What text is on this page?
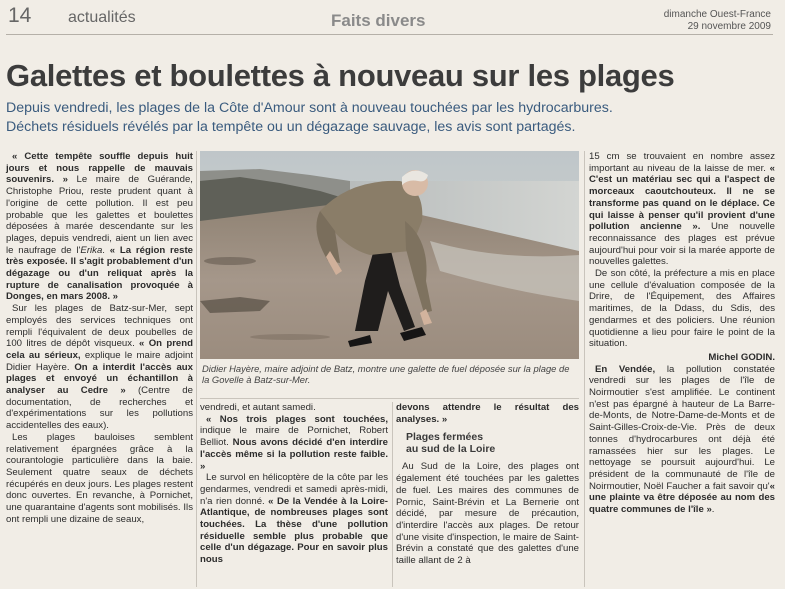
14 actualités	Faits divers	dimanche Ouest-France
29 novembre 2009
Galettes et boulettes à nouveau sur les plages
Depuis vendredi, les plages de la Côte d'Amour sont à nouveau touchées par les hydrocarbures.
Déchets résiduels révélés par la tempête ou un dégazage sauvage, les avis sont partagés.

« Cette tempête souffle depuis huit jours et nous rappelle de mauvais souvenirs. » Le maire de Guérande, Christophe Priou, reste prudent quant à l'origine de cette pollution. Il est peu probable que les galettes et boulettes déposées à marée descendante sur les plages, depuis vendredi, aient un lien avec le naufrage de l'Erika. « La région reste très exposée. Il s'agit probablement d'un dégazage ou d'un reliquat après la rupture de canalisation provoquée à Donges, en mars 2008. »

Sur les plages de Batz-sur-Mer, sept employés des services techniques ont rempli l'équivalent de deux poubelles de 100 litres de dépôt visqueux. « On prend cela au sérieux, explique le maire adjoint Didier Hayère. On a interdit l'accès aux plages et envoyé un échantillon à analyser au Cedre » (Centre de documentation, de recherches et d'expérimentations sur les pollutions accidentelles des eaux).

Les plages bauloises semblent relativement épargnées grâce à la courantologie particulière dans la baie. Seulement quatre seaux de déchets récupérés en deux jours. Les plages restent donc ouvertes. En revanche, à Pornichet, une quarantaine d'agents sont mobilisés. Ils ont rempli une dizaine de seaux,

Didier Hayère, maire adjoint de Batz, montre une galette de fuel déposée sur la plage de la Govelle à Batz-sur-Mer.

vendredi, et autant samedi.

« Nos trois plages sont touchées, indique le maire de Pornichet, Robert Belliot. Nous avons décidé d'en interdire l'accès même si la pollution reste faible. »

Le survol en hélicoptère de la côte par les gendarmes, vendredi et samedi après-midi, n'a rien donné. « De la Vendée à la Loire-Atlantique, de nombreuses plages sont touchées. La thèse d'une pollution résiduelle semble plus probable que celle d'un dégazage. Pour en savoir plus nous

devons attendre le résultat des analyses. »

Plages fermées
au sud de la Loire

Au Sud de la Loire, des plages ont également été touchées par les galettes de fuel. Les maires des communes de Pornic, Saint-Brévin et La Bernerie ont décidé, par mesure de précaution, d'interdire l'accès aux plages. De retour d'une visite d'inspection, le maire de Saint-Brévin a constaté que des galettes d'une taille allant de 2 à

15 cm se trouvaient en nombre assez important au niveau de la laisse de mer. « C'est un matériau sec qui a l'aspect de morceaux caoutchouteux. Il ne se transforme pas quand on le déplace. Ce qui laisse à penser qu'il provient d'une pollution ancienne ». Une nouvelle reconnaissance des plages est prévue aujourd'hui pour voir si la marée apporte de nouvelles galettes.

De son côté, la préfecture a mis en place une cellule d'évaluation composée de la Drire, de l'Équipement, des Affaires maritimes, de la Ddass, du Sdis, des gendarmes et des policiers. Une réunion quotidienne a lieu pour faire le point de la situation.

Michel GODIN.

En Vendée, la pollution constatée vendredi sur les plages de l'île de Noirmoutier s'est amplifiée. Le continent n'est pas épargné à hauteur de La Barre-de-Monts, de Notre-Dame-de-Monts et de Saint-Gilles-Croix-de-Vie. Près de deux tonnes d'hydrocarbures ont déjà été ramassées hier sur les plages. Le nettoyage se poursuit aujourd'hui. Le président de la communauté de l'île de Noirmoutier, Noël Faucher a fait savoir qu'« une plainte va être déposée au nom des quatre communes de l'île ».
